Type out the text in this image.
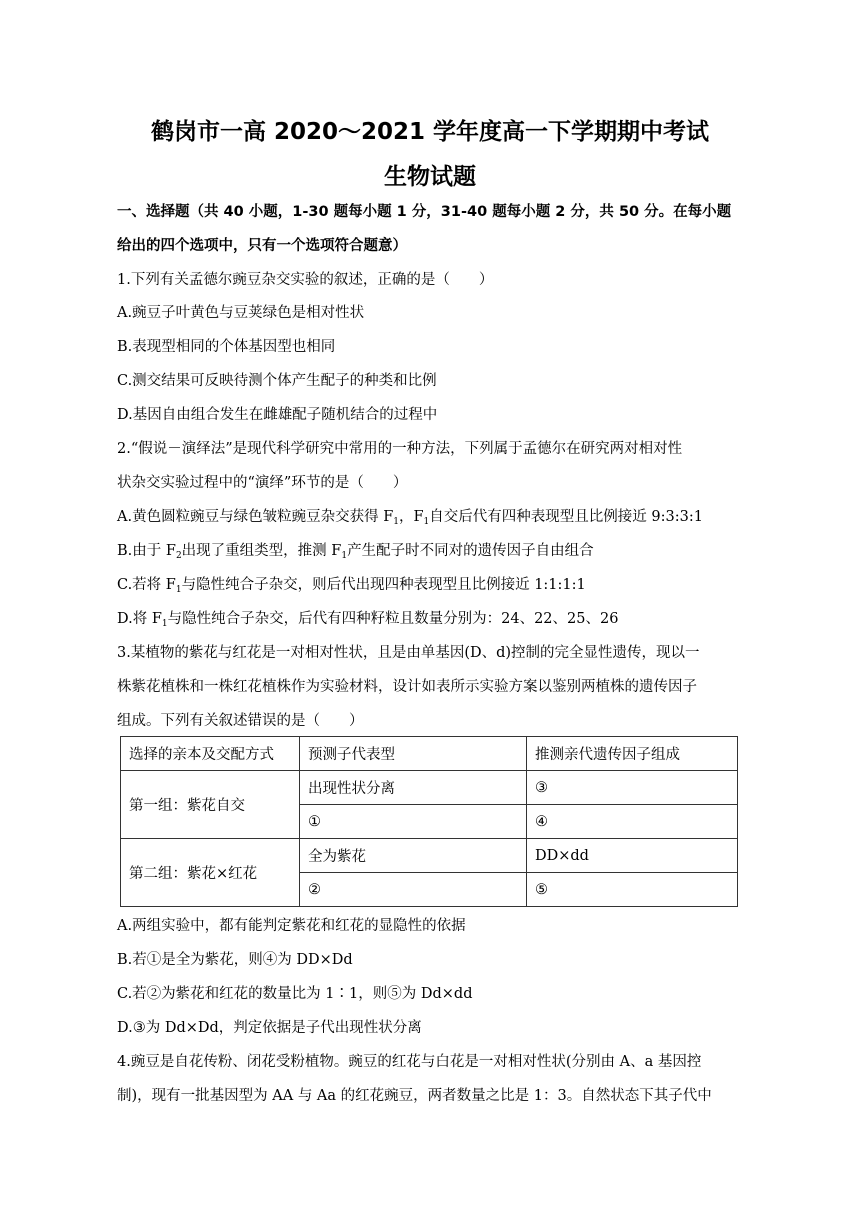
鹤岗市一高 2020～2021 学年度高一下学期期中考试
生物试题
一、选择题（共 40 小题，1-30 题每小题 1 分，31-40 题每小题 2 分，共 50 分。在每小题
给出的四个选项中，只有一个选项符合题意）
1.下列有关孟德尔豌豆杂交实验的叙述，正确的是（　　）
A.豌豆子叶黄色与豆荚绿色是相对性状
B.表现型相同的个体基因型也相同
C.测交结果可反映待测个体产生配子的种类和比例
D.基因自由组合发生在雌雄配子随机结合的过程中
2.“假说－演绎法”是现代科学研究中常用的一种方法，下列属于孟德尔在研究两对相对性
状杂交实验过程中的“演绎”环节的是（　　）
A.黄色圆粒豌豆与绿色皱粒豌豆杂交获得 $F_1$，$F_1$自交后代有四种表现型且比例接近 9:3:3:1
B.由于 $F_2$出现了重组类型，推测 $F_1$产生配子时不同对的遗传因子自由组合
C.若将 $F_1$与隐性纯合子杂交，则后代出现四种表现型且比例接近 1:1:1:1
D.将 $F_1$与隐性纯合子杂交，后代有四种籽粒且数量分别为：24、22、25、26
3.某植物的紫花与红花是一对相对性状，且是由单基因(D、d)控制的完全显性遗传，现以一
株紫花植株和一株红花植株作为实验材料，设计如表所示实验方案以鉴别两植株的遗传因子
组成。下列有关叙述错误的是（　　）
选择的亲本及交配方式	预测子代表型	推测亲代遗传因子组成
第一组：紫花自交	出现性状分离	③
	①	④
第二组：紫花×红花	全为紫花	DD×dd
	②	⑤
A.两组实验中，都有能判定紫花和红花的显隐性的依据
B.若①是全为紫花，则④为 DD×Dd
C.若②为紫花和红花的数量比为 1∶1，则⑤为 Dd×dd
D.③为 Dd×Dd，判定依据是子代出现性状分离
4.豌豆是自花传粉、闭花受粉植物。豌豆的红花与白花是一对相对性状(分别由 A、a 基因控
制)，现有一批基因型为 AA 与 Aa 的红花豌豆，两者数量之比是 1：3。自然状态下其子代中
